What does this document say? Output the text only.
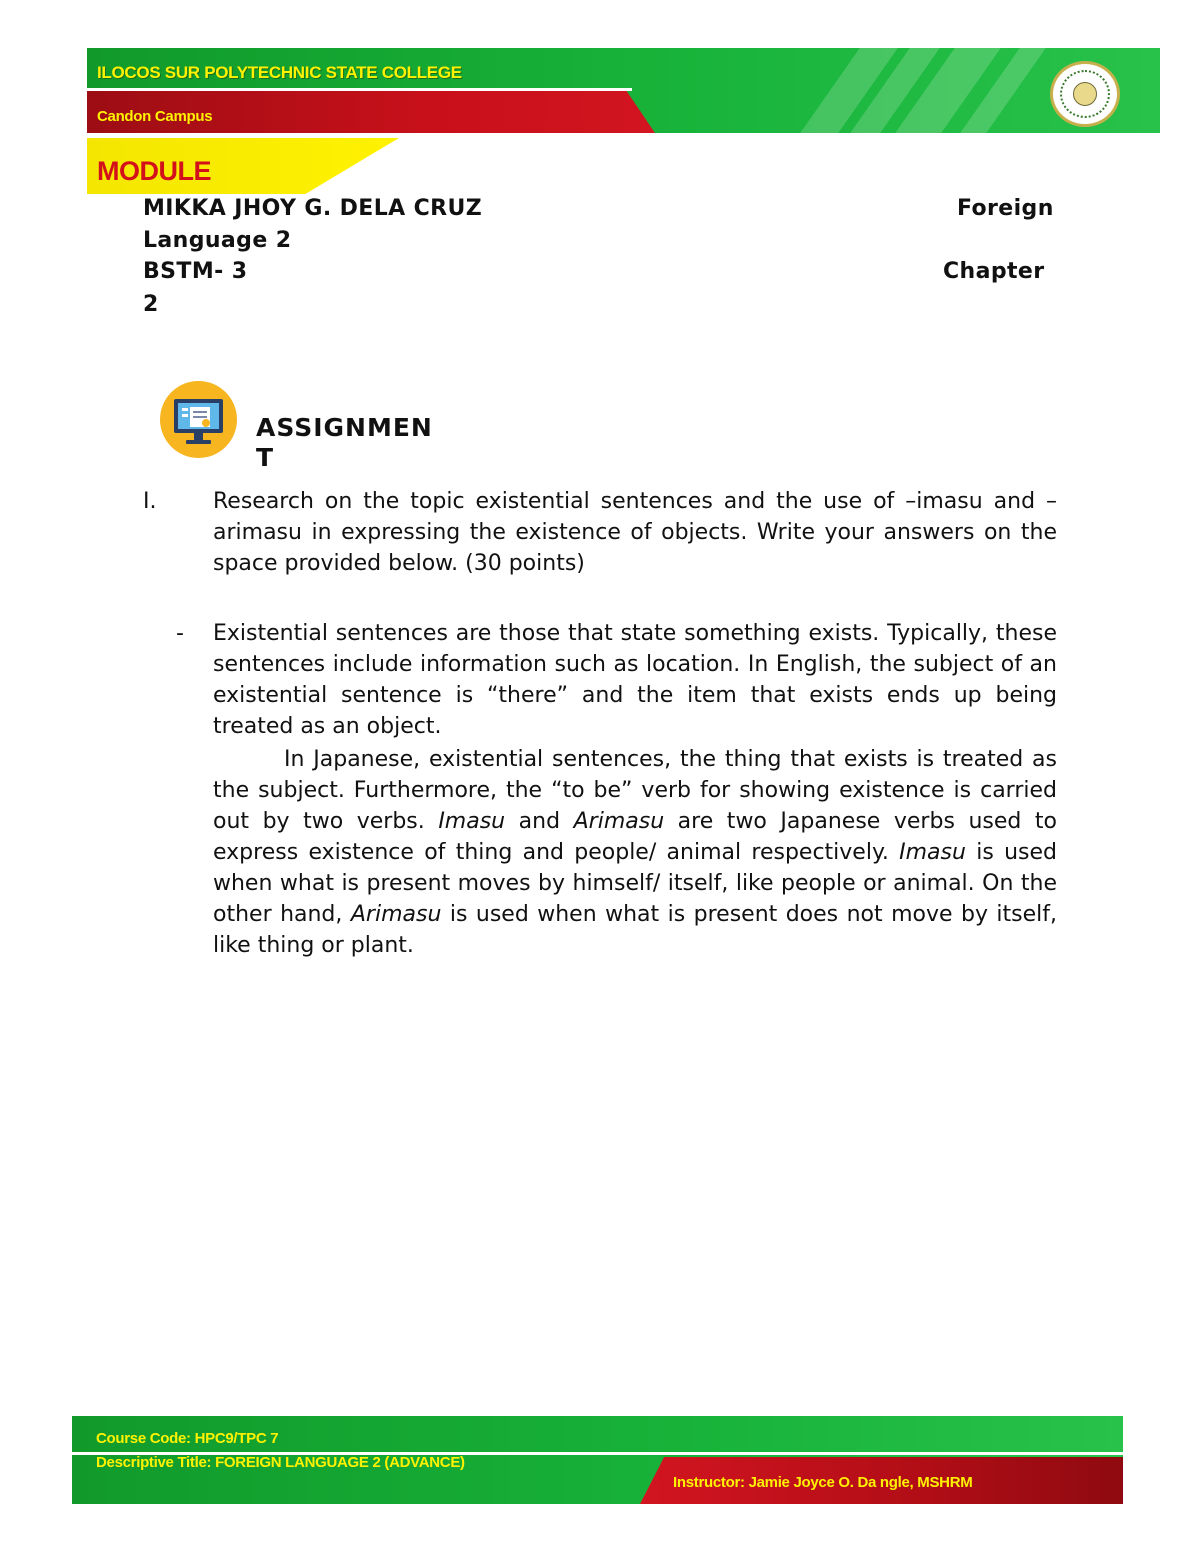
ILOCOS SUR POLYTECHNIC STATE COLLEGE
Candon Campus
MODULE
MIKKA JHOY G. DELA CRUZ	Foreign
Language 2
BSTM- 3	Chapter
2
ASSIGNMEN
T
I.	Research on the topic existential sentences and the use of –imasu and – arimasu in expressing the existence of objects. Write your answers on the space provided below. (30 points)
- Existential sentences are those that state something exists. Typically, these sentences include information such as location. In English, the subject of an existential sentence is “there” and the item that exists ends up being treated as an object.
In Japanese, existential sentences, the thing that exists is treated as the subject. Furthermore, the “to be” verb for showing existence is carried out by two verbs. Imasu and Arimasu are two Japanese verbs used to express existence of thing and people/ animal respectively. Imasu is used when what is present moves by himself/ itself, like people or animal. On the other hand, Arimasu is used when what is present does not move by itself, like thing or plant.
Course Code: HPC9/TPC 7
Descriptive Title: FOREIGN LANGUAGE 2 (ADVANCE)
Instructor: Jamie Joyce O. Da ngle, MSHRM
